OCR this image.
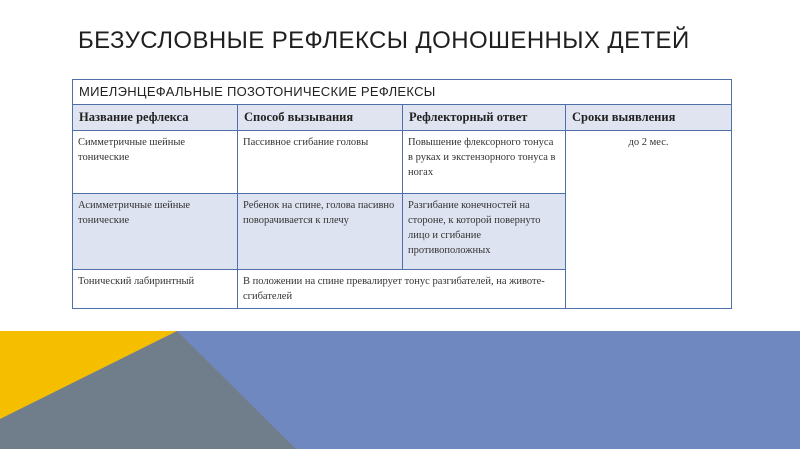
БЕЗУСЛОВНЫЕ РЕФЛЕКСЫ ДОНОШЕННЫХ ДЕТЕЙ
МИЕЛЭНЦЕФАЛЬНЫЕ ПОЗОТОНИЧЕСКИЕ РЕФЛЕКСЫ			
Название рефлекса	Способ вызывания	Рефлекторный ответ	Сроки выявления
Симметричные шейные тонические	Пассивное сгибание головы	Повышение флексорного тонуса в руках и экстензорного тонуса в ногах	до 2 мес.
Асимметричные шейные тонические	Ребенок на спине, голова пасивно поворачивается к плечу	Разгибание конечностей на стороне, к которой повернуто лицо и сгибание противоположных	
Тонический лабиринтный	В положении на спине превалирует тонус разгибателей, на животе-сгибателей		
